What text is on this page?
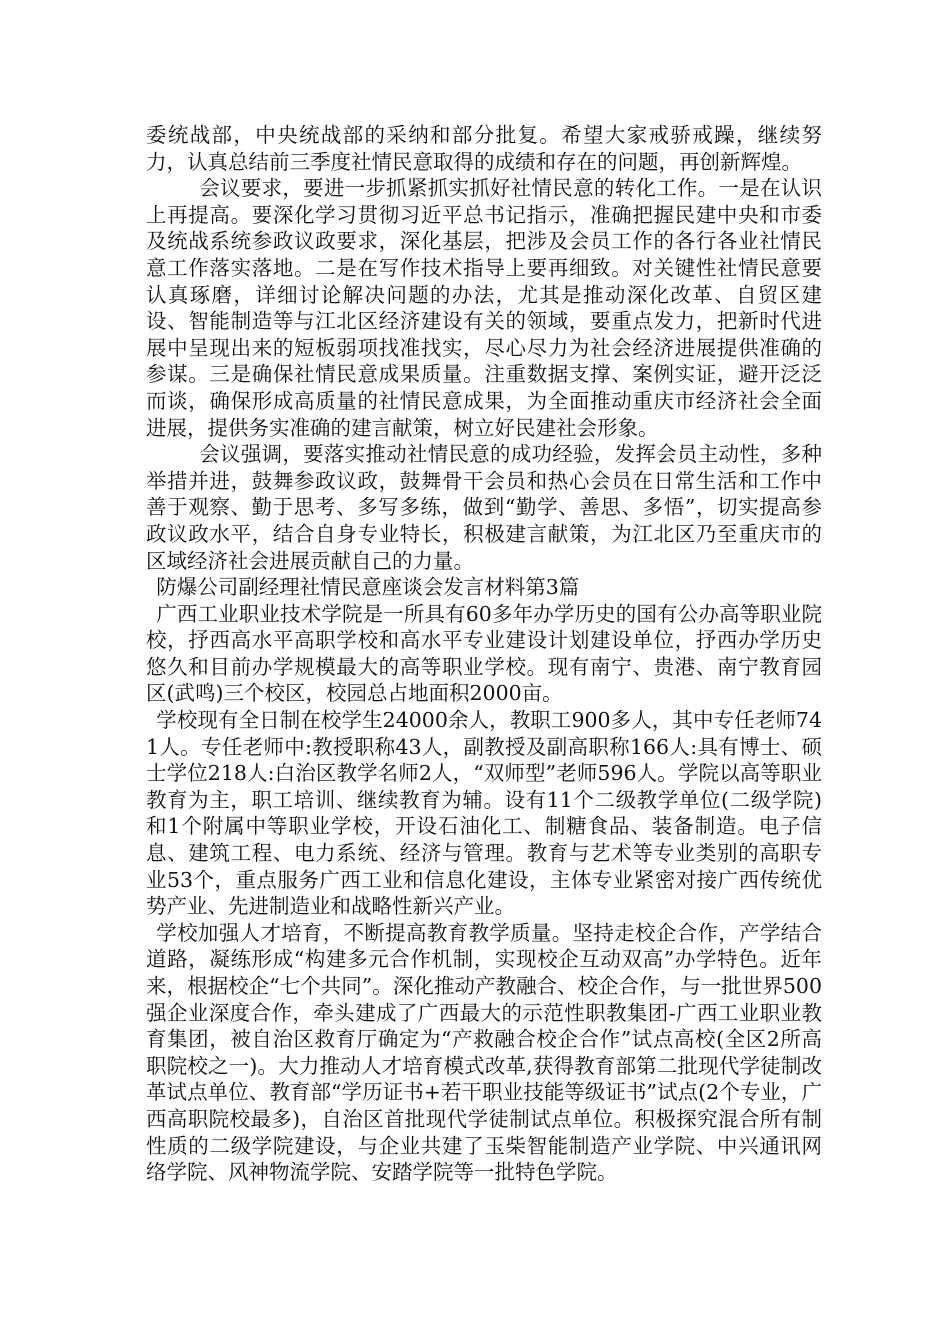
委统战部，中央统战部的采纳和部分批复。希望大家戒骄戒躁，继续努力，认真总结前三季度社情民意取得的成绩和存在的问题，再创新辉煌。

会议要求，要进一步抓紧抓实抓好社情民意的转化工作。一是在认识上再提高。要深化学习贯彻习近平总书记指示，准确把握民建中央和市委及统战系统参政议政要求，深化基层，把涉及会员工作的各行各业社情民意工作落实落地。二是在写作技术指导上要再细致。对关键性社情民意要认真琢磨，详细讨论解决问题的办法，尤其是推动深化改革、自贸区建设、智能制造等与江北区经济建设有关的领域，要重点发力，把新时代进展中呈现出来的短板弱项找准找实，尽心尽力为社会经济进展提供准确的参谋。三是确保社情民意成果质量。注重数据支撑、案例实证，避开泛泛而谈，确保形成高质量的社情民意成果，为全面推动重庆市经济社会全面进展，提供务实准确的建言献策，树立好民建社会形象。

会议强调，要落实推动社情民意的成功经验，发挥会员主动性，多种举措并进，鼓舞参政议政，鼓舞骨干会员和热心会员在日常生活和工作中善于观察、勤于思考、多写多练，做到“勤学、善思、多悟”，切实提高参政议政水平，结合自身专业特长，积极建言献策，为江北区乃至重庆市的区域经济社会进展贡献自己的力量。

防爆公司副经理社情民意座谈会发言材料第3篇

广西工业职业技术学院是一所具有60多年办学历史的国有公办高等职业院校，抒西高水平高职学校和高水平专业建设计划建设单位，抒西办学历史悠久和目前办学规模最大的高等职业学校。现有南宁、贵港、南宁教育园区(武鸣)三个校区，校园总占地面积2000亩。

学校现有全日制在校学生24000余人，教职工900多人，其中专任老师741人。专任老师中:教授职称43人，副教授及副高职称166人:具有博士、硕士学位218人:白治区教学名师2人，“双师型”老师596人。学院以高等职业教育为主，职工培训、继续教育为辅。设有11个二级教学单位(二级学院)和1个附属中等职业学校，开设石油化工、制糖食品、装备制造。电子信息、建筑工程、电力系统、经济与管理。教育与艺术等专业类别的高职专业53个，重点服务广西工业和信息化建设，主体专业紧密对接广西传统优势产业、先进制造业和战略性新兴产业。

学校加强人才培育，不断提高教育教学质量。坚持走校企合作，产学结合道路，凝练形成“构建多元合作机制，实现校企互动双高”办学特色。近年来，根据校企“七个共同”。深化推动产教融合、校企合作，与一批世界500强企业深度合作，牵头建成了广西最大的示范性职教集团-广西工业职业教育集团，被自治区救育厅确定为“产救融合校企合作”试点高校(全区2所高职院校之一)。大力推动人才培育模式改革,获得教育部第二批现代学徒制改革试点单位、教育部“学历证书+若干职业技能等级证书”试点(2个专业，广西高职院校最多)，自治区首批现代学徒制试点单位。积极探究混合所有制性质的二级学院建设，与企业共建了玉柴智能制造产业学院、中兴通讯网络学院、风神物流学院、安踏学院等一批特色学院。
